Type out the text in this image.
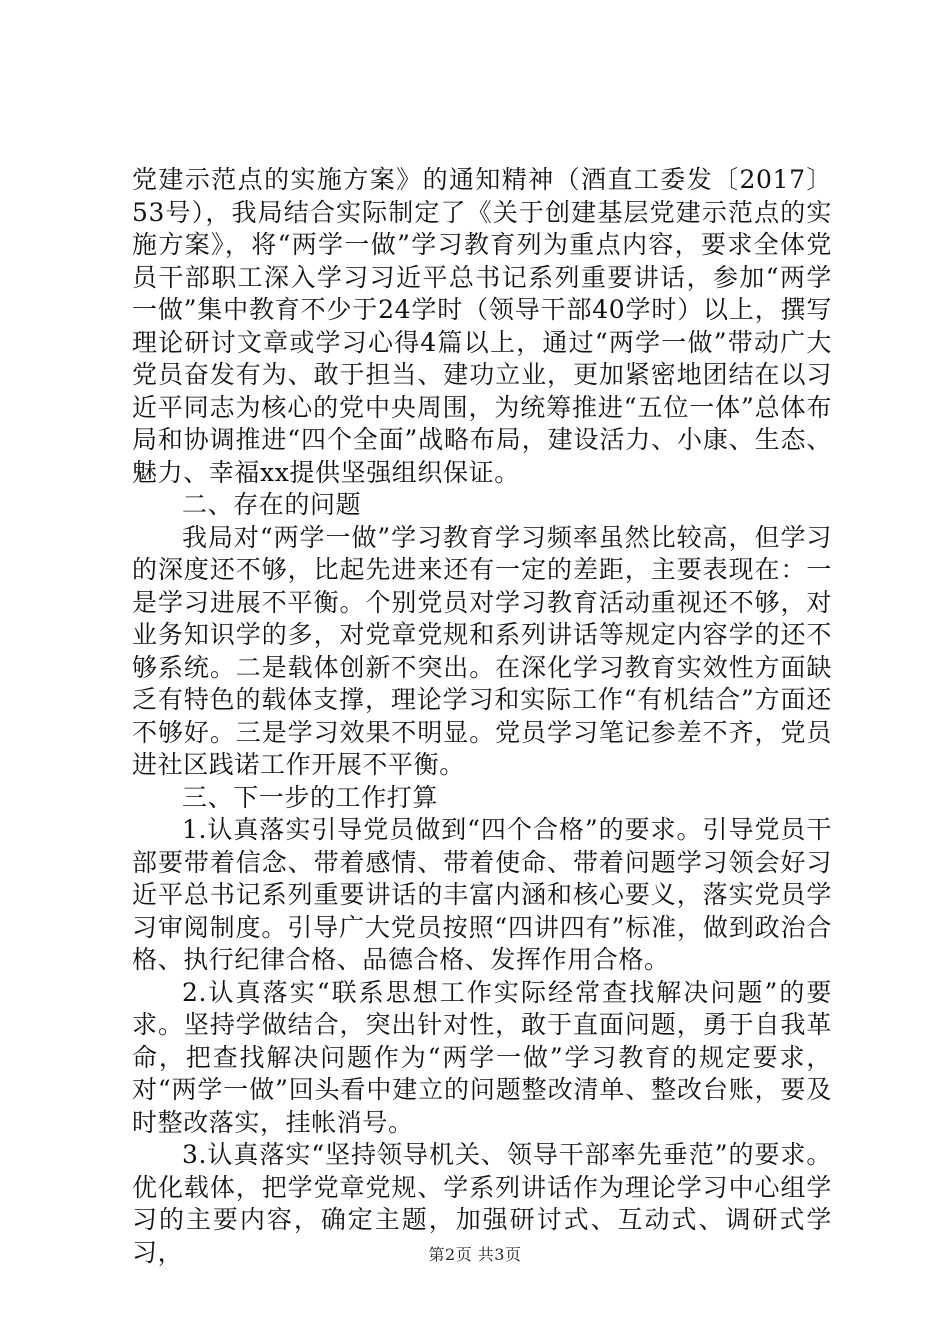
党建示范点的实施方案》的通知精神（酒直工委发〔2017〕53号），我局结合实际制定了《关于创建基层党建示范点的实施方案》，将“两学一做”学习教育列为重点内容，要求全体党员干部职工深入学习习近平总书记系列重要讲话，参加“两学一做”集中教育不少于24学时（领导干部40学时）以上，撰写理论研讨文章或学习心得4篇以上，通过“两学一做”带动广大党员奋发有为、敢于担当、建功立业，更加紧密地团结在以习近平同志为核心的党中央周围，为统筹推进“五位一体”总体布局和协调推进“四个全面”战略布局，建设活力、小康、生态、魅力、幸福xx提供坚强组织保证。

二、存在的问题

我局对“两学一做”学习教育学习频率虽然比较高，但学习的深度还不够，比起先进来还有一定的差距，主要表现在：一是学习进展不平衡。个别党员对学习教育活动重视还不够，对业务知识学的多，对党章党规和系列讲话等规定内容学的还不够系统。二是载体创新不突出。在深化学习教育实效性方面缺乏有特色的载体支撑，理论学习和实际工作“有机结合”方面还不够好。三是学习效果不明显。党员学习笔记参差不齐，党员进社区践诺工作开展不平衡。

三、下一步的工作打算

1.认真落实引导党员做到“四个合格”的要求。引导党员干部要带着信念、带着感情、带着使命、带着问题学习领会好习近平总书记系列重要讲话的丰富内涵和核心要义，落实党员学习审阅制度。引导广大党员按照“四讲四有”标准，做到政治合格、执行纪律合格、品德合格、发挥作用合格。

2.认真落实“联系思想工作实际经常查找解决问题”的要求。坚持学做结合，突出针对性，敢于直面问题，勇于自我革命，把查找解决问题作为“两学一做”学习教育的规定要求，对“两学一做”回头看中建立的问题整改清单、整改台账，要及时整改落实，挂帐消号。

3.认真落实“坚持领导机关、领导干部率先垂范”的要求。优化载体，把学党章党规、学系列讲话作为理论学习中心组学习的主要内容，确定主题，加强研讨式、互动式、调研式学习，	第2页 共3页
